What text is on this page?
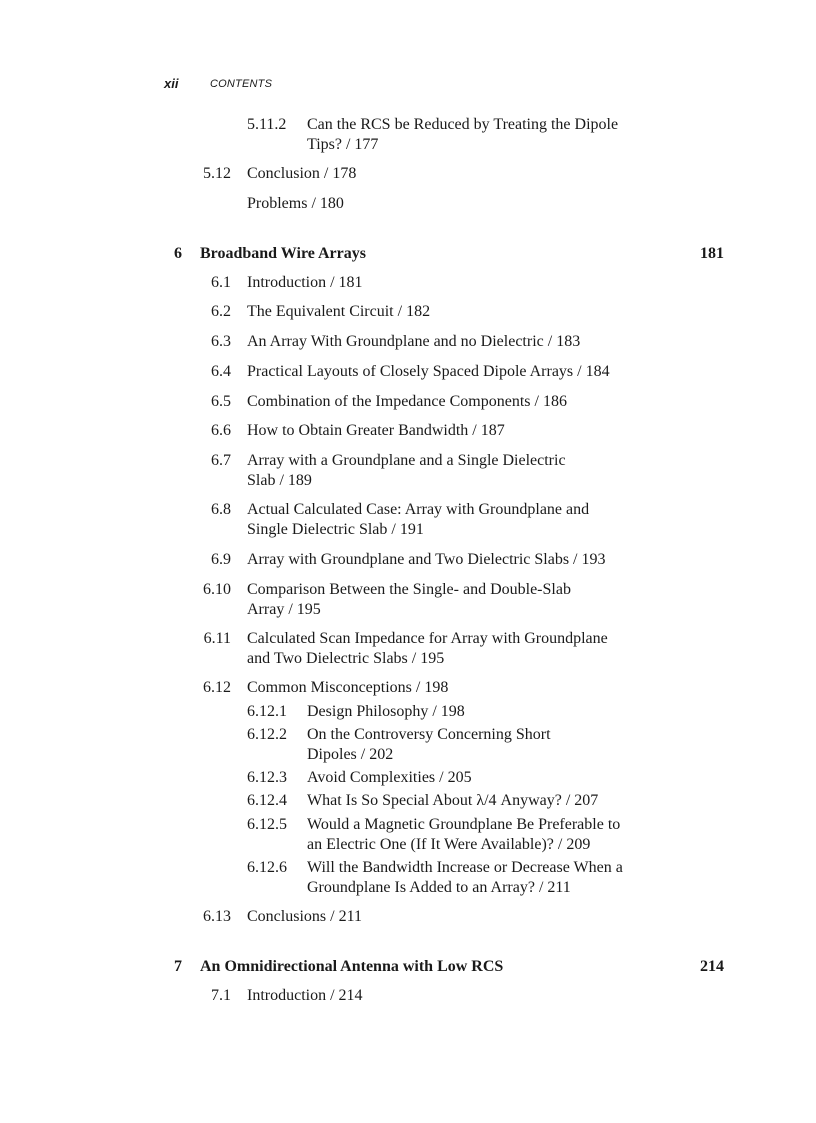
xii	CONTENTS
5.11.2 Can the RCS be Reduced by Treating the Dipole
Tips? / 177
5.12 Conclusion / 178
Problems / 180
6 Broadband Wire Arrays	181
6.1 Introduction / 181
6.2 The Equivalent Circuit / 182
6.3 An Array With Groundplane and no Dielectric / 183
6.4 Practical Layouts of Closely Spaced Dipole Arrays / 184
6.5 Combination of the Impedance Components / 186
6.6 How to Obtain Greater Bandwidth / 187
6.7 Array with a Groundplane and a Single Dielectric
Slab / 189
6.8 Actual Calculated Case: Array with Groundplane and
Single Dielectric Slab / 191
6.9 Array with Groundplane and Two Dielectric Slabs / 193
6.10 Comparison Between the Single- and Double-Slab
Array / 195
6.11 Calculated Scan Impedance for Array with Groundplane
and Two Dielectric Slabs / 195
6.12 Common Misconceptions / 198
6.12.1 Design Philosophy / 198
6.12.2 On the Controversy Concerning Short
Dipoles / 202
6.12.3 Avoid Complexities / 205
6.12.4 What Is So Special About λ/4 Anyway? / 207
6.12.5 Would a Magnetic Groundplane Be Preferable to
an Electric One (If It Were Available)? / 209
6.12.6 Will the Bandwidth Increase or Decrease When a
Groundplane Is Added to an Array? / 211
6.13 Conclusions / 211
7 An Omnidirectional Antenna with Low RCS	214
7.1 Introduction / 214
